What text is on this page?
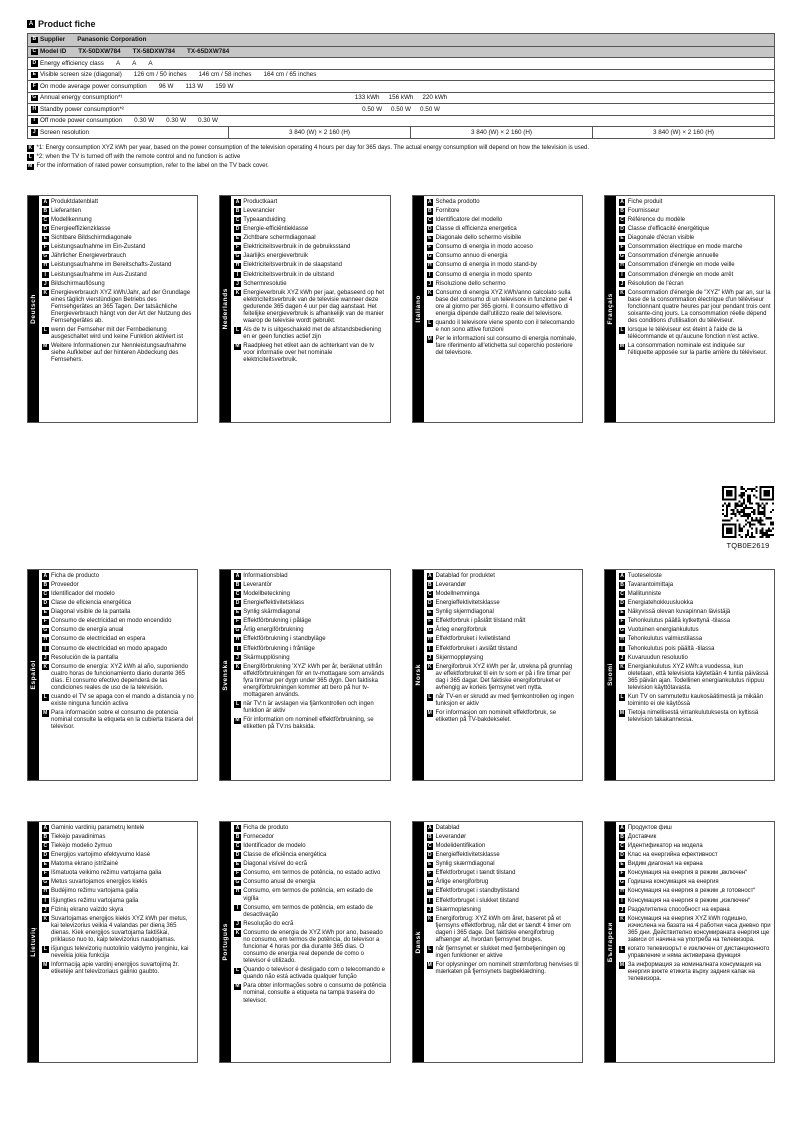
A Product fiche
B Supplier Panasonic Corporation
C Model ID TX-50DXW784 TX-58DXW784 TX-65DXW784
D Energy efficiency class A A A
E Visible screen size (diagonal) 126 cm / 50 inches 146 cm / 58 inches 164 cm / 65 inches
F On mode average power consumption 96 W 113 W 159 W
G Annual energy consumption*¹	133 kWh 156 kWh 220 kWh
H Standby power consumption*²	0.50 W 0.50 W 0.50 W
I Off mode power consumption 0.30 W 0.30 W 0.30 W
J Screen resolution	3 840 (W) × 2 160 (H)	3 840 (W) × 2 160 (H)	3 840 (W) × 2 160 (H)
K *1: Energy consumption XYZ kWh per year, based on the power consumption of the television operating 4 hours per day for 365 days. The actual energy consumption will depend on how the television is used.
L *2: when the TV is turned off with the remote control and no function is active
M For the information of rated power consumption, refer to the label on the TV back cover.
Deutsch
A Produktdatenblatt
B Lieferanten
C Modellkennung
D Energieeffizienzklasse
E Sichtbare Bildschirmdiagonale
F Leistungsaufnahme im Ein-Zustand
G Jährlicher Energieverbrauch
H Leistungsaufnahme im Bereitschafts-Zustand
I Leistungsaufnahme im Aus-Zustand
J Bildschirmauflösung
K Energieverbrauch XYZ kWh/Jahr, auf der Grundlage eines täglich vierstündigen Betriebs des Fernsehgerätes an 365 Tagen. Der tatsächliche Energieverbrauch hängt von der Art der Nutzung des Fernsehgerätes ab.
L wenn der Fernseher mit der Fernbedienung ausgeschaltet wird und keine Funktion aktiviert ist
M Weitere Informationen zur Nennleistungsaufnahme siehe Aufkleber auf der hinteren Abdeckung des Fernsehers.
Nederlands
A Productkaart
B Leverancier
C Typeaanduiding
D Energie-efficiëntieklasse
E Zichtbare schermdiagonaal
F Elektriciteitsverbruik in de gebruiksstand
G Jaarlijks energieverbruik
H Elektriciteitsverbruik in de slaapstand
I Elektriciteitsverbruik in de uitstand
J Schermresolutie
K Energieverbruik XYZ kWh per jaar, gebaseerd op het elektriciteitsverbruik van de televisie wanneer deze gedurende 365 dagen 4 uur per dag aanstaat. Het feitelijke energieverbruik is afhankelijk van de manier waarop de televisie wordt gebruikt.
L Als de tv is uitgeschakeld met de afstandsbediening en er geen functies actief zijn
M Raadpleeg het etiket aan de achterkant van de tv voor informatie over het nominale elektriciteitsverbruik.
Italiano
A Scheda prodotto
B Fornitore
C Identificatore del modello
D Classe di efficienza energetica
E Diagonale dello schermo visibile
F Consumo di energia in modo acceso
G Consumo annuo di energia
H Consumo di energia in modo stand-by
I Consumo di energia in modo spento
J Risoluzione dello schermo
K Consumo di energia XYZ kWh/anno calcolato sulla base del consumo di un televisore in funzione per 4 ore al giorno per 365 giorni. Il consumo effettivo di energia dipende dall'utilizzo reale del televisore.
L quando il televisore viene spento con il telecomando e non sono attive funzioni
M Per le informazioni sul consumo di energia nominale, fare riferimento all'etichetta sul coperchio posteriore del televisore.
Français
A Fiche produit
B Fournisseur
C Référence du modèle
D Classe d'efficacité énergétique
E Diagonale d'écran visible
F Consommation électrique en mode marche
G Consommation d'énergie annuelle
H Consommation d'énergie en mode veille
I Consommation d'énergie en mode arrêt
J Résolution de l'écran
K Consommation d'énergie de "XYZ" kWh par an, sur la base de la consommation électrique d'un téléviseur fonctionnant quatre heures par jour pendant trois cent soixante-cinq jours. La consommation réelle dépend des conditions d'utilisation du téléviseur.
L lorsque le téléviseur est éteint à l'aide de la télécommande et qu'aucune fonction n'est active.
M La consommation nominale est indiquée sur l'étiquette apposée sur la partie arrière du téléviseur.
Español
A Ficha de producto
B Proveedor
C Identificador del modelo
D Clase de eficiencia energética
E Diagonal visible de la pantalla
F Consumo de electricidad en modo encendido
G Consumo de energía anual
H Consumo de electricidad en espera
I Consumo de electricidad en modo apagado
J Resolución de la pantalla
K Consumo de energía: XYZ kWh al año, suponiendo cuatro horas de funcionamiento diario durante 365 días. El consumo efectivo dependerá de las condiciones reales de uso de la televisión.
L cuando el TV se apaga con el mando a distancia y no existe ninguna función activa
M Para información sobre el consumo de potencia nominal consulte la etiqueta en la cubierta trasera del televisor.
Svenska
A Informationsblad
B Leverantör
C Modellbeteckning
D Energieffektivitetsklass
E Synlig skärmdiagonal
F Effektförbrukning i påläge
G Årlig energiförbrukning
H Effektförbrukning i standbyläge
I Effektförbrukning i frånläge
J Skärmupplösning
K Energiförbrukning 'XYZ' kWh per år, beräknat utifrån effektförbrukningen för en tv-mottagare som används fyra timmar per dygn under 365 dygn. Den faktiska energiförbrukningen kommer att bero på hur tv-mottagaren används.
L när TV:n är avslagen via fjärrkontrollen och ingen funktion är aktiv
M För information om nominell effektförbrukning, se etiketten på TV:ns baksida.
Norsk
A Datablad for produktet
B Leverandør
C Modellnemninga
D Energieffektivitetsklasse
E Synlig skjermdiagonal
F Effektforbruk i påslått tilstand målt
G Årleg energiforbruk
H Effektforbruket i kviletilstand
I Effektforbruket i avslått tilstand
J Skjermoppløysing
K Energiforbruk XYZ kWh per år, utrekna på grunnlag av effektforbruket til ein tv som er på i fire timar per dag i 365 dagar. Det faktiske energiforbruket er avhengig av korleis fjernsynet vert nytta.
L når TV-en er skrudd av med fjernkontrollen og ingen funksjon er aktiv
M For informasjon om nominelt effektforbruk, se etiketten på TV-bakdekselet.
Suomi
A Tuoteseloste
B Tavarantoimittaja
C Mallitunniste
D Energiatehokkuusluokka
E Näkyvissä olevan kuvapinnan lävistäjä
F Tehonkulutus päällä kytkettynä -tilassa
G Vuotuinen energiankulutus
H Tehonkulutus valmiustilassa
I Tehonkulutus pois päältä -tilassa
J Kuvaruudun resoluutio
K Energiankulutus XYZ kWh:a vuodessa, kun oletetaan, että televisiota käytetään 4 tuntia päivässä 365 päivän ajan. Todellinen energiankulutus riippuu television käyttötavasta.
L Kun TV on sammutettu kaukosäätimestä ja mikään toiminto ei ole käytössä
M Tietoja nimellisestä virrankulutuksesta on kyltissä television takakannessa.
Lietuvių
A Gaminio vardinių parametrų lentelė
B Tiekėjo pavadinimas
C Tiekėjo modelio žymuo
D Energijos vartojimo efektyvumo klasė
E Matoma ekrano įstrižainė
F Išmatuota veikimo režimu vartojama galia
G Metus suvartojamos energijos kiekis
H Budėjimo režimu vartojama galia
I Išjungties režimu vartojama galia
J Fizinių ekrano vaizdo skyra
K Suvartojamas energijos kiekis XYZ kWh per metus, kai televizorius veikia 4 valandas per dieną 365 dienas. Kiek energijos suvartojama faktiškai, priklauso nuo to, kaip televizorius naudojamas.
L išjungus televizorių nuotolinio valdymo įrenginiu, kai neveikia jokia funkcija
M Informaciją apie vardinį energijos suvartojimą žr. etiketėje ant televizoriaus galinio gaubto.
Português
A Ficha de produto
B Fornecedor
C Identificador de modelo
D Classe de eficiência energética
E Diagonal visível do ecrã
F Consumo, em termos de potência, no estado activo
G Consumo anual de energia
H Consumo, em termos de potência, em estado de vigília
I Consumo, em termos de potência, em estado de desactivação
J Resolução do ecrã
K Consumo de energia de XYZ kWh por ano, baseado no consumo, em termos de potência, do televisor a funcionar 4 horas por dia durante 365 dias. O consumo de energia real depende de como o televisor é utilizado.
L Quando o televisor é desligado com o telecomando e quando não está activada qualquer função
M Para obter informações sobre o consumo de potência nominal, consulte a etiqueta na tampa traseira do televisor.
Dansk
A Datablad
B Leverandør
C Modelidentifikation
D Energieffektivitetsklasse
E Synlig skærmdiagonal
F Effektforbruget i tændt tilstand
G Årlige energiforbrug
H Effektforbruget i standbytilstand
I Effektforbruget i slukket tilstand
J Skærmopløsning
K Energiforbrug: XYZ kWh om året, baseret på et fjernsyns effektforbrug, når det er tændt 4 timer om dagen i 365 dage. Det faktiske energiforbrug afhænger af, hvordan fjernsynet bruges.
L når fjernsynet er slukket med fjernbetjeningen og ingen funktioner er aktive
M For oplysninger om nominelt strømforbrug henvises til mærkaten på fjernsynets bagbeklædning.
Български
A Продуктов фиш
B Доставчик
C Идентификатор на модела
D Клас на енергийна ефективност
E Видим диагонал на екрана
F Консумация на енергия в режим „включен“
G Годишна консумация на енергия
H Консумация на енергия в режим „в готовност“
I Консумация на енергия в режим „изключен“
J Разделителна способност на екрана
K Консумация на енергия XYZ kWh годишно, изчислена на базата на 4 работни часа дневно при 365 дни. Действително консумираната енергия ще зависи от начина на употреба на телевизора.
L когато телевизорът е изключен от дистанционното управление и няма активирана функция
M За информация за номиналната консумация на енергия вижте етикета върху задния капак на телевизора.
TQB0E2619
